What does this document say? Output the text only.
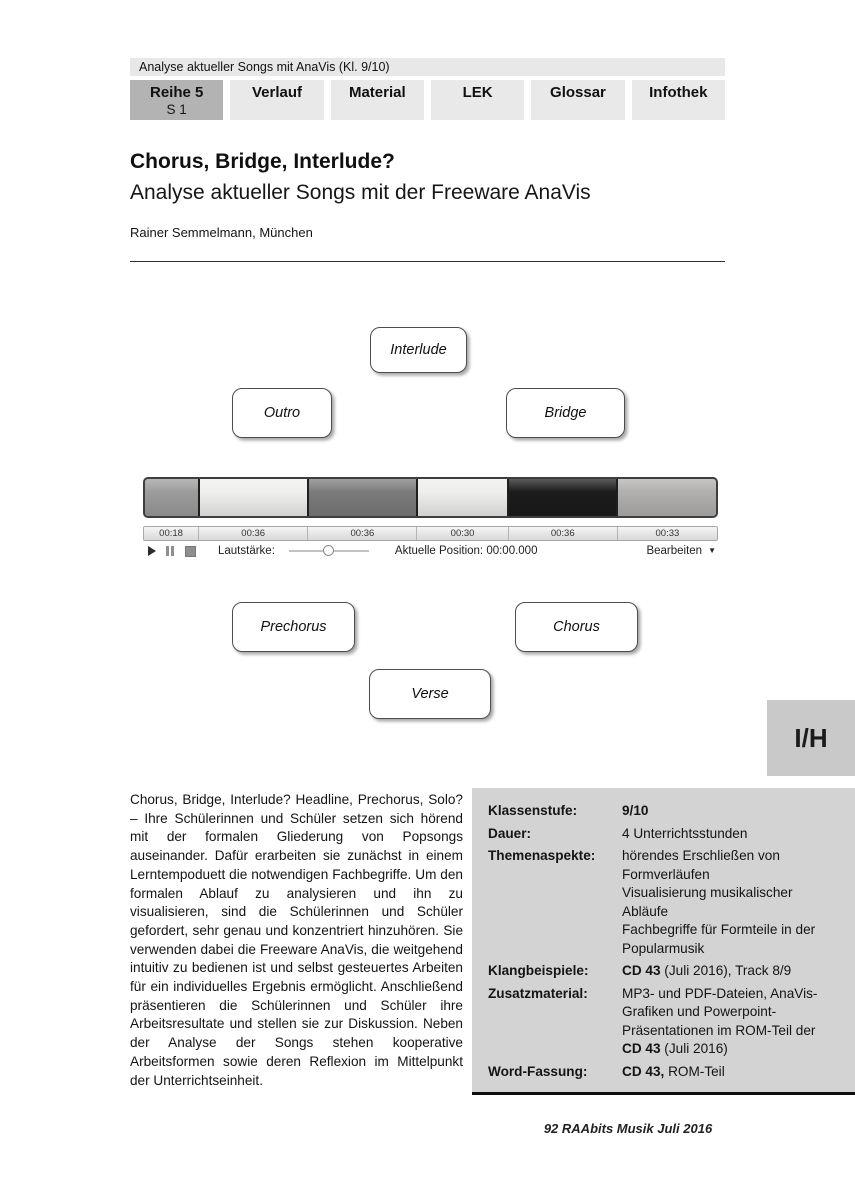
Analyse aktueller Songs mit AnaVis (Kl. 9/10)
Reihe 5
S 1
Verlauf	Material	LEK	Glossar	Infothek
Chorus, Bridge, Interlude?
Analyse aktueller Songs mit der Freeware AnaVis
Rainer Semmelmann, München
Interlude
Outro	Bridge
Prechorus	Chorus
Verse
00:18	00:36	00:36	00:30	00:36	00:33
Lautstärke:	Aktuelle Position: 00:00.000	Bearbeiten ▼
I/H
Chorus, Bridge, Interlude? Headline, Prechorus, Solo? – Ihre Schülerinnen und Schüler setzen sich hörend mit der formalen Gliederung von Popsongs auseinander. Dafür erarbeiten sie zunächst in einem Lerntempoduett die notwendigen Fachbegriffe. Um den formalen Ablauf zu analysieren und ihn zu visualisieren, sind die Schülerinnen und Schüler gefordert, sehr genau und konzentriert hinzuhören. Sie verwenden dabei die Freeware AnaVis, die weitgehend intuitiv zu bedienen ist und selbst gesteuertes Arbeiten für ein individuelles Ergebnis ermöglicht. Anschließend präsentieren die Schülerinnen und Schüler ihre Arbeitsresultate und stellen sie zur Diskussion. Neben der Analyse der Songs stehen kooperative Arbeitsformen sowie deren Reflexion im Mittelpunkt der Unterrichtseinheit.
Klassenstufe:	9/10
Dauer:	4 Unterrichtsstunden
Themenaspekte:	hörendes Erschließen von Formverläufen
Visualisierung musikalischer Abläufe
Fachbegriffe für Formteile in der Popularmusik
Klangbeispiele:	CD 43 (Juli 2016), Track 8/9
Zusatzmaterial:	MP3- und PDF-Dateien, AnaVis-Grafiken und Powerpoint-Präsentationen im ROM-Teil der CD 43 (Juli 2016)
Word-Fassung:	CD 43, ROM-Teil
92 RAAbits Musik Juli 2016
